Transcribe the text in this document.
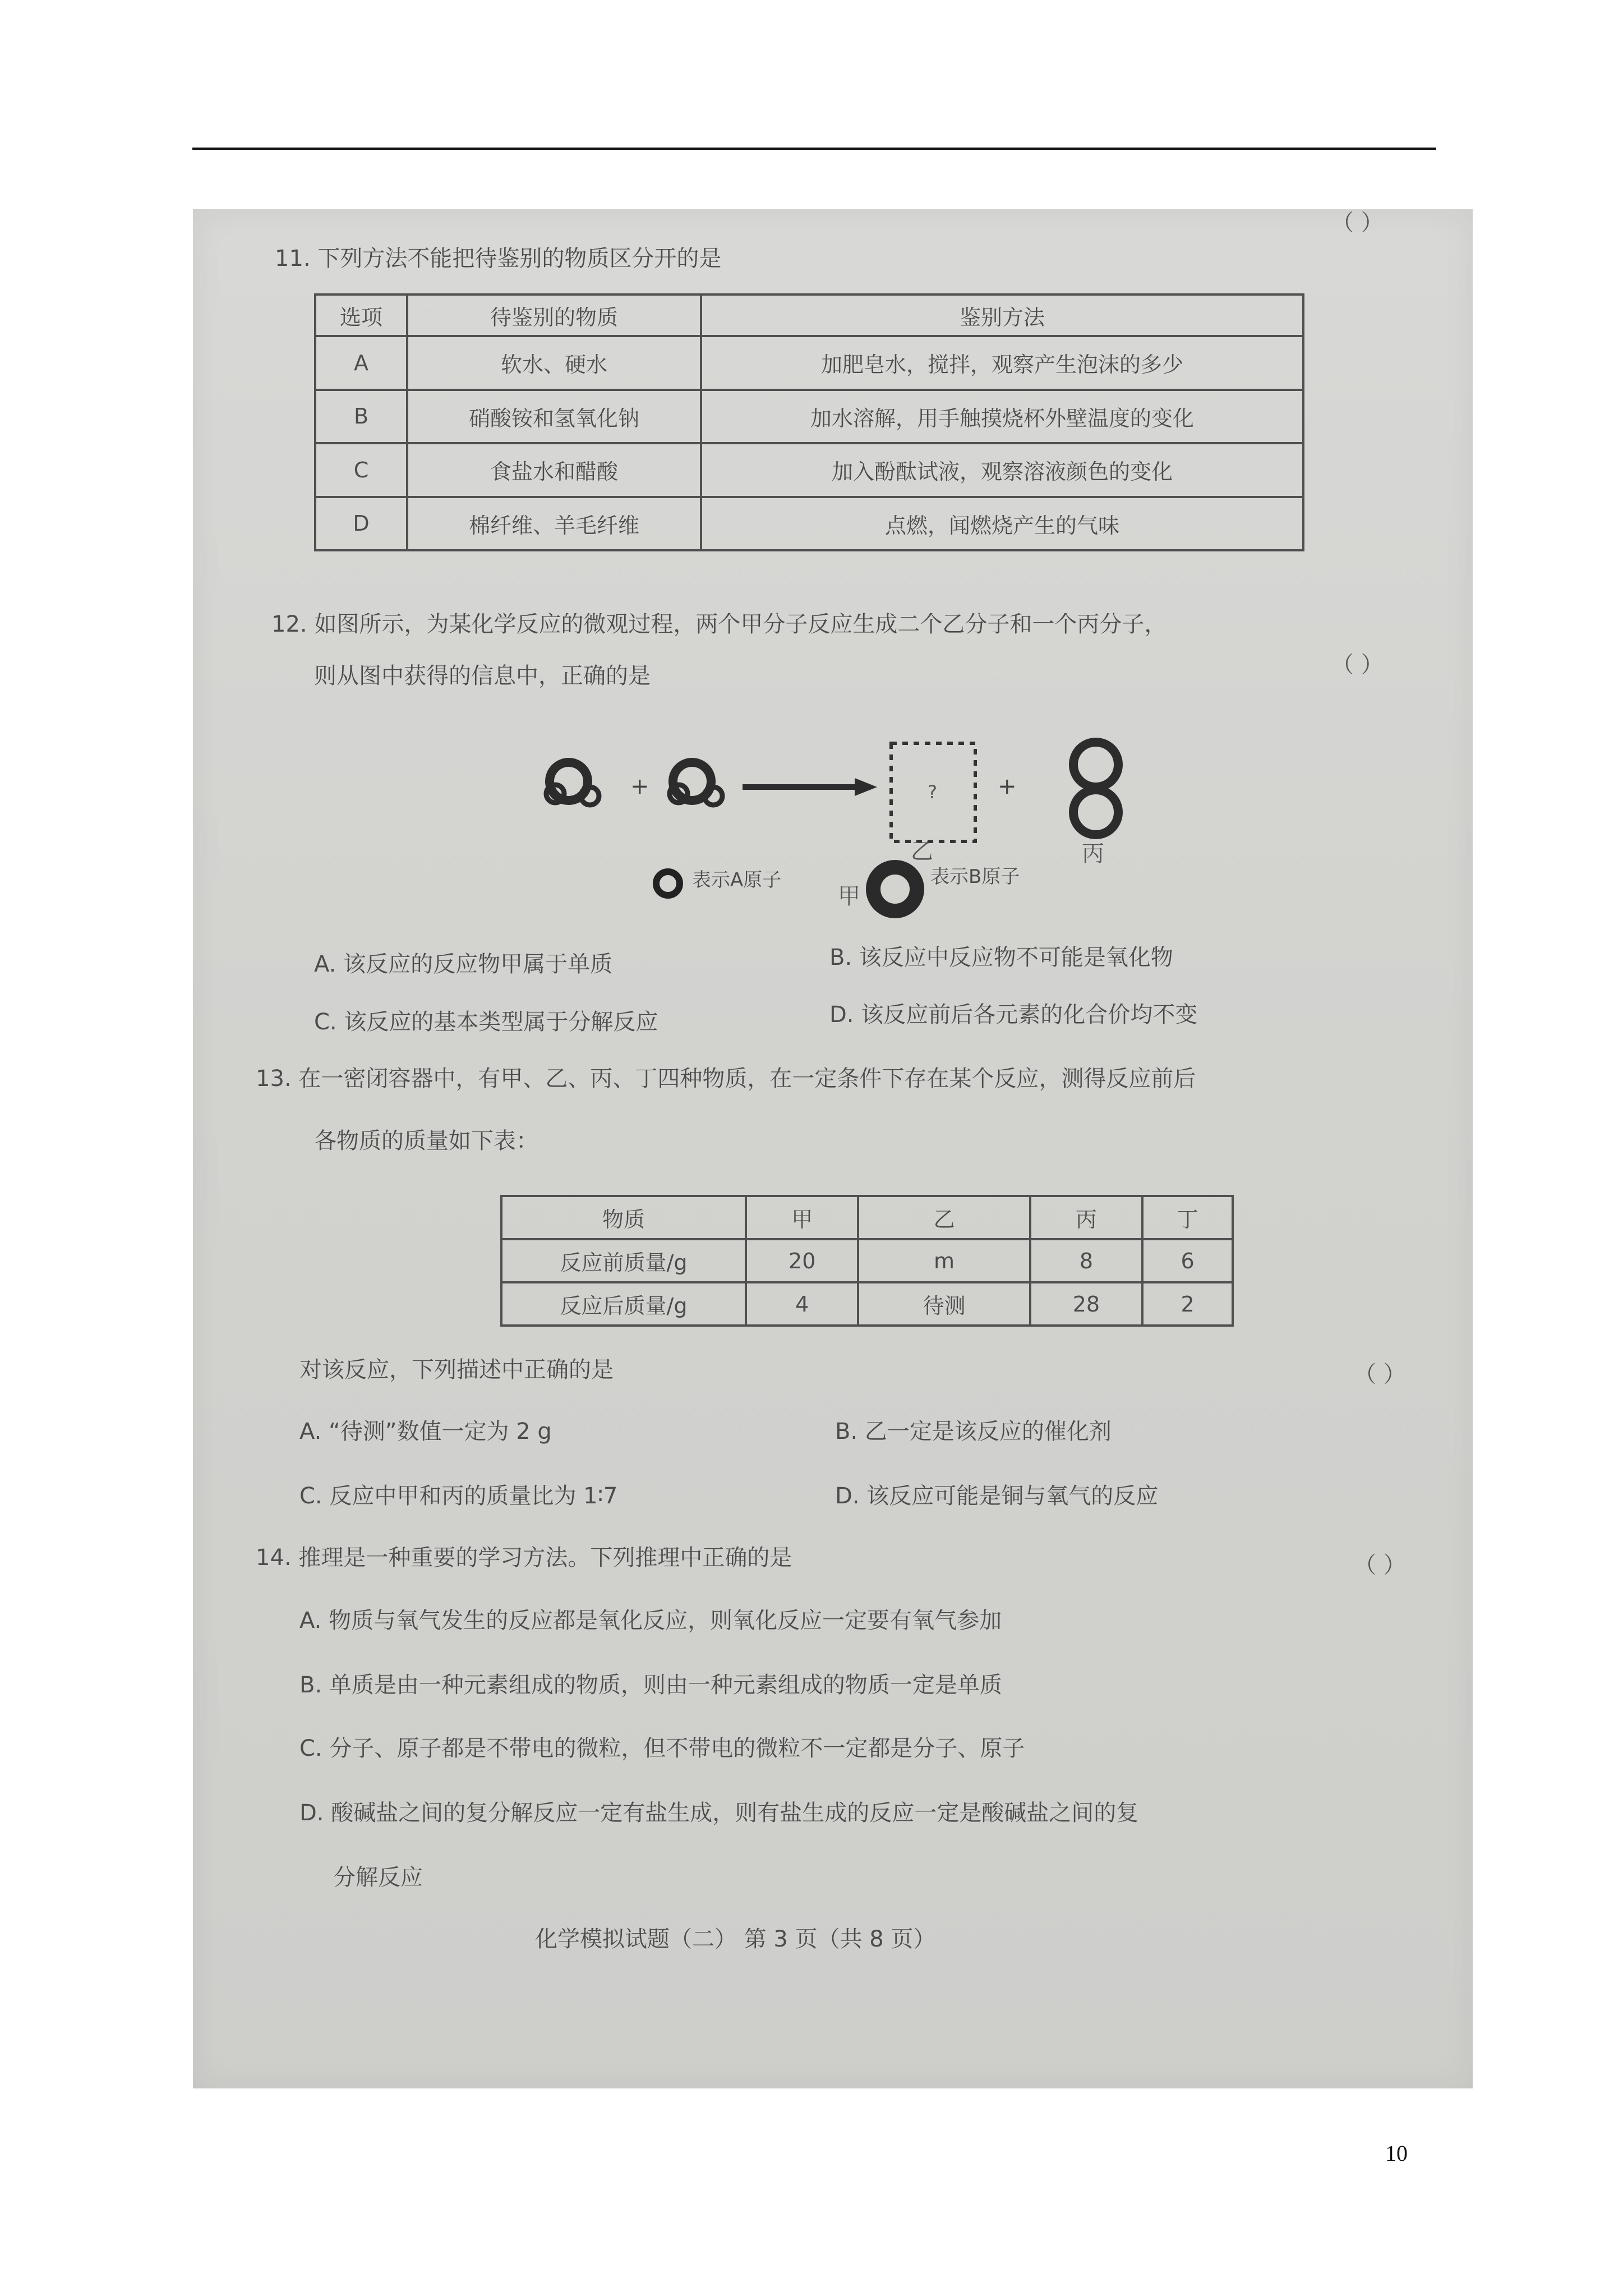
（ ）
11. 下列方法不能把待鉴别的物质区分开的是
选项	待鉴别的物质	鉴别方法
A	软水、硬水	加肥皂水，搅拌，观察产生泡沫的多少
B	硝酸铵和氢氧化钠	加水溶解，用手触摸烧杯外壁温度的变化
C	食盐水和醋酸	加入酚酞试液，观察溶液颜色的变化
D	棉纤维、羊毛纤维	点燃，闻燃烧产生的气味
12. 如图所示，为某化学反应的微观过程，两个甲分子反应生成二个乙分子和一个丙分子，
（ ）
则从图中获得的信息中，正确的是
+	?	+
甲
乙	丙
表示A原子	表示B原子
A. 该反应的反应物甲属于单质	B. 该反应中反应物不可能是氧化物
C. 该反应的基本类型属于分解反应	D. 该反应前后各元素的化合价均不变
13. 在一密闭容器中，有甲、乙、丙、丁四种物质，在一定条件下存在某个反应，测得反应前后
各物质的质量如下表：
物质	甲	乙	丙	丁
反应前质量/g	20	m	8	6
反应后质量/g	4	待测	28	2
对该反应，下列描述中正确的是	（ ）
A. “待测”数值一定为 2 g	B. 乙一定是该反应的催化剂
C. 反应中甲和丙的质量比为 1∶7	D. 该反应可能是铜与氧气的反应
14. 推理是一种重要的学习方法。下列推理中正确的是	（ ）
A. 物质与氧气发生的反应都是氧化反应，则氧化反应一定要有氧气参加
B. 单质是由一种元素组成的物质，则由一种元素组成的物质一定是单质
C. 分子、原子都是不带电的微粒，但不带电的微粒不一定都是分子、原子
D. 酸碱盐之间的复分解反应一定有盐生成，则有盐生成的反应一定是酸碱盐之间的复
分解反应
化学模拟试题（二） 第 3 页（共 8 页）
10
